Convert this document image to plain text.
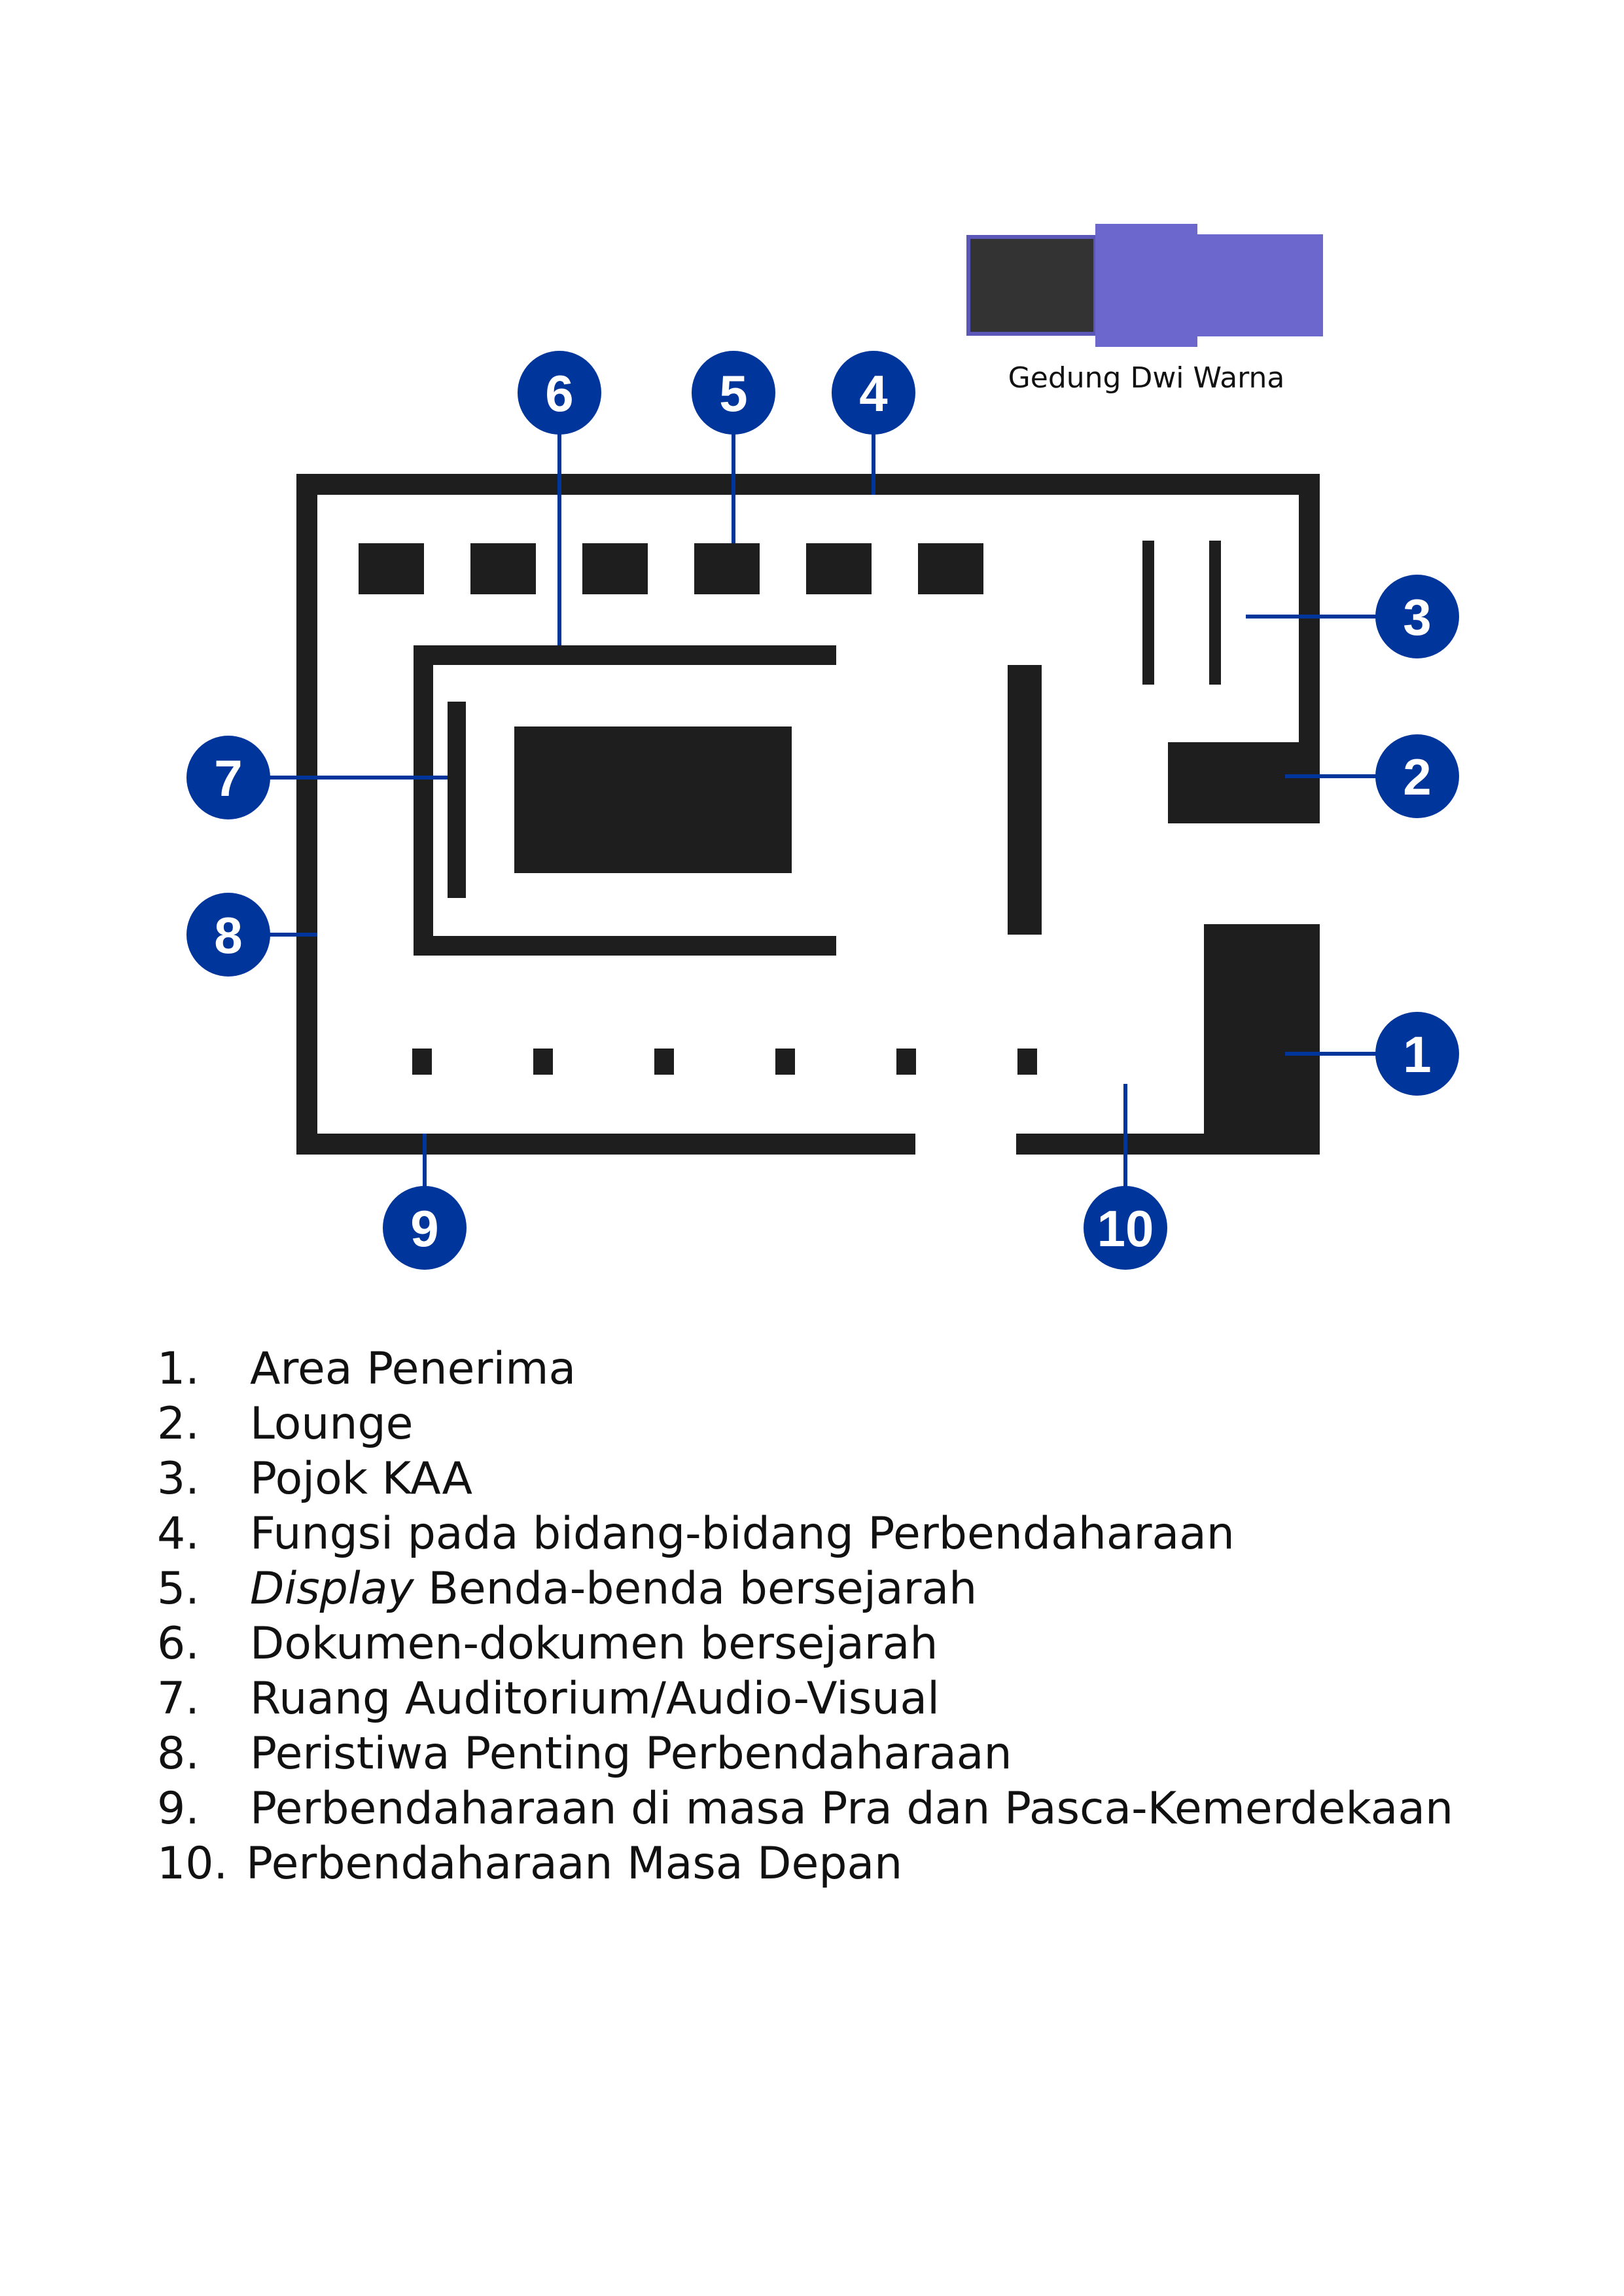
Gedung Dwi Warna
1
2
3
4
5
6
7
8
9	10
1. Area Penerima
2. Lounge
3. Pojok KAA
4. Fungsi pada bidang-bidang Perbendaharaan
5. Display Benda-benda bersejarah
6. Dokumen-dokumen bersejarah
7. Ruang Auditorium/Audio-Visual
8. Peristiwa Penting Perbendaharaan
9. Perbendaharaan di masa Pra dan Pasca-Kemerdekaan
10. Perbendaharaan Masa Depan
